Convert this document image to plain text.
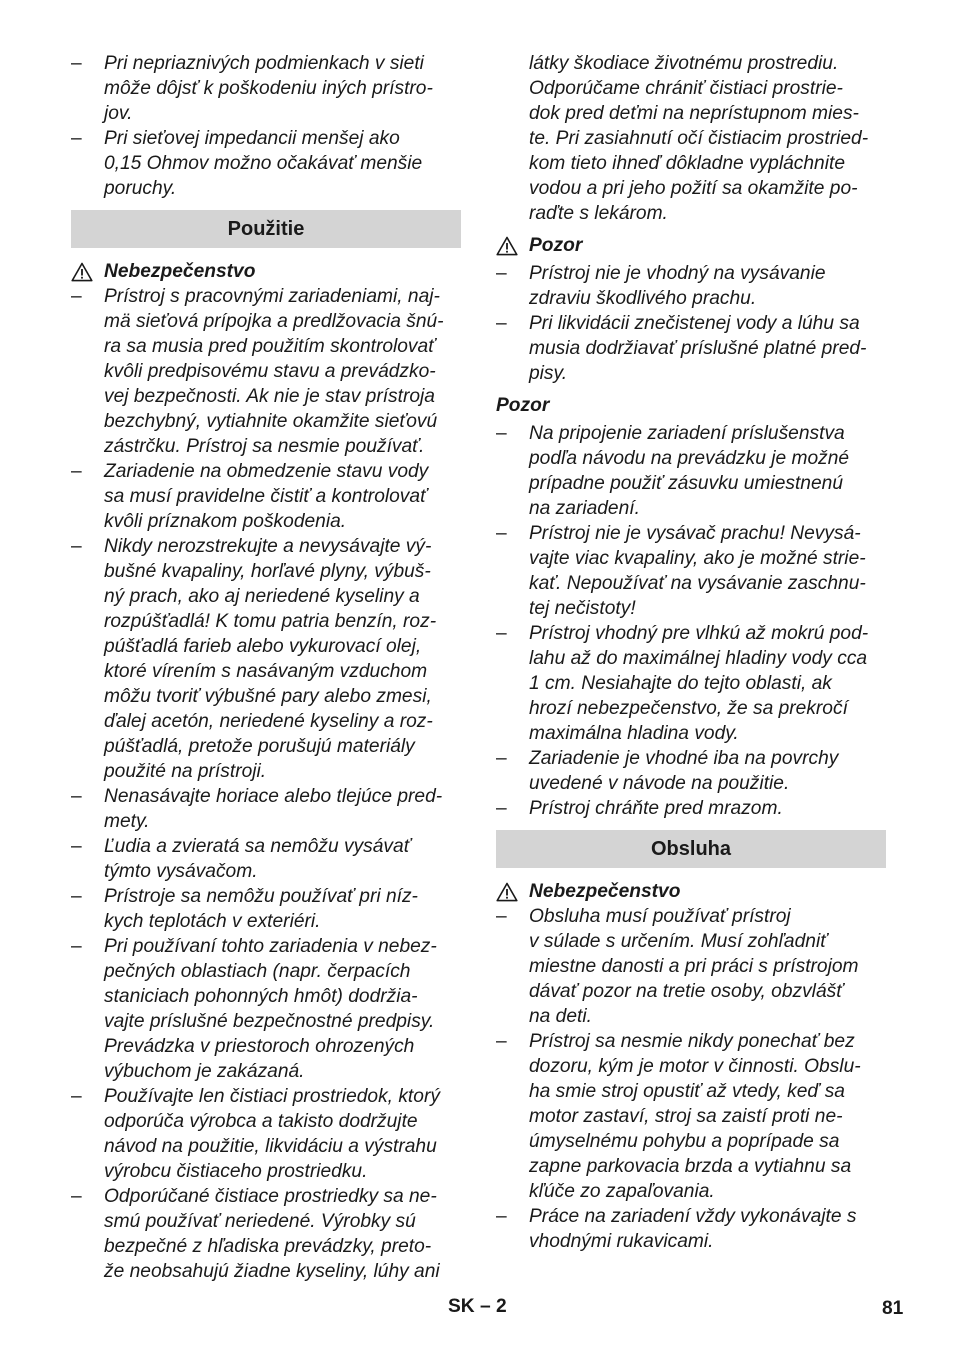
– Pri nepriaznivých podmienkach v sieti
môže dôjsť k poškodeniu iných prístro-
jov.
– Pri sieťovej impedancii menšej ako
0,15 Ohmov možno očakávať menšie
poruchy.
Použitie
Nebezpečenstvo
– Prístroj s pracovnými zariadeniami, naj-
mä sieťová prípojka a predlžovacia šnú-
ra sa musia pred použitím skontrolovať
kvôli predpisovému stavu a prevádzko-
vej bezpečnosti. Ak nie je stav prístroja
bezchybný, vytiahnite okamžite sieťovú
zástrčku. Prístroj sa nesmie používať.
– Zariadenie na obmedzenie stavu vody
sa musí pravidelne čistiť a kontrolovať
kvôli príznakom poškodenia.
– Nikdy nerozstrekujte a nevysávajte vý-
bušné kvapaliny, horľavé plyny, výbuš-
ný prach, ako aj neriedené kyseliny a
rozpúšťadlá! K tomu patria benzín, roz-
púšťadlá farieb alebo vykurovací olej,
ktoré vírením s nasávaným vzduchom
môžu tvoriť výbušné pary alebo zmesi,
ďalej acetón, neriedené kyseliny a roz-
púšťadlá, pretože porušujú materiály
použité na prístroji.
– Nenasávajte horiace alebo tlejúce pred-
mety.
– Ľudia a zvieratá sa nemôžu vysávať
týmto vysávačom.
– Prístroje sa nemôžu používať pri níz-
kych teplotách v exteriéri.
– Pri používaní tohto zariadenia v nebez-
pečných oblastiach (napr. čerpacích
staniciach pohonných hmôt) dodržia-
vajte príslušné bezpečnostné predpisy.
Prevádzka v priestoroch ohrozených
výbuchom je zakázaná.
– Používajte len čistiaci prostriedok, ktorý
odporúča výrobca a takisto dodržujte
návod na použitie, likvidáciu a výstrahu
výrobcu čistiaceho prostriedku.
– Odporúčané čistiace prostriedky sa ne-
smú používať neriedené. Výrobky sú
bezpečné z hľadiska prevádzky, preto-
že neobsahujú žiadne kyseliny, lúhy ani
látky škodiace životnému prostrediu.
Odporúčame chrániť čistiaci prostrie-
dok pred deťmi na neprístupnom mies-
te. Pri zasiahnutí očí čistiacim prostried-
kom tieto ihneď dôkladne vypláchnite
vodou a pri jeho požití sa okamžite po-
raďte s lekárom.
Pozor
– Prístroj nie je vhodný na vysávanie
zdraviu škodlivého prachu.
– Pri likvidácii znečistenej vody a lúhu sa
musia dodržiavať príslušné platné pred-
pisy.
Pozor
– Na pripojenie zariadení príslušenstva
podľa návodu na prevádzku je možné
prípadne použiť zásuvku umiestnenú
na zariadení.
– Prístroj nie je vysávač prachu! Nevysá-
vajte viac kvapaliny, ako je možné strie-
kať. Nepoužívať na vysávanie zaschnu-
tej nečistoty!
– Prístroj vhodný pre vlhkú až mokrú pod-
lahu až do maximálnej hladiny vody cca
1 cm. Nesiahajte do tejto oblasti, ak
hrozí nebezpečenstvo, že sa prekročí
maximálna hladina vody.
– Zariadenie je vhodné iba na povrchy
uvedené v návode na použitie.
– Prístroj chráňte pred mrazom.
Obsluha
Nebezpečenstvo
– Obsluha musí používať prístroj
v súlade s určením. Musí zohľadniť
miestne danosti a pri práci s prístrojom
dávať pozor na tretie osoby, obzvlášť
na deti.
– Prístroj sa nesmie nikdy ponechať bez
dozoru, kým je motor v činnosti. Obslu-
ha smie stroj opustiť až vtedy, keď sa
motor zastaví, stroj sa zaistí proti ne-
úmyselnému pohybu a poprípade sa
zapne parkovacia brzda a vytiahnu sa
kľúče zo zapaľovania.
– Práce na zariadení vždy vykonávajte s
vhodnými rukavicami.
SK – 2	81
